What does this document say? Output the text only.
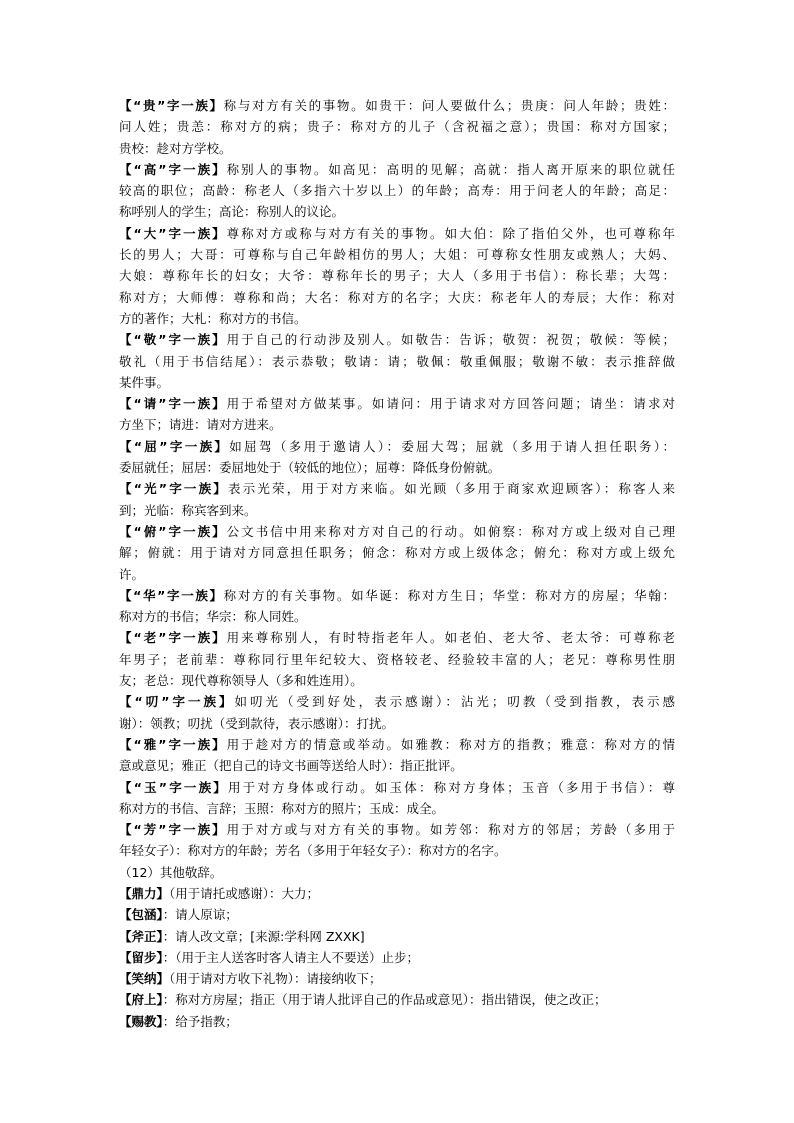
【“贵”字一族】称与对方有关的事物。如贵干：问人要做什么；贵庚：问人年龄；贵姓：
问人姓；贵恙：称对方的病；贵子：称对方的儿子（含祝福之意）；贵国：称对方国家；
贵校：趁对方学校。
【“高”字一族】称别人的事物。如高见：高明的见解；高就：指人离开原来的职位就任
较高的职位；高龄：称老人（多指六十岁以上）的年龄；高寿：用于问老人的年龄；高足：
称呼别人的学生；高论：称别人的议论。
【“大”字一族】尊称对方或称与对方有关的事物。如大伯：除了指伯父外，也可尊称年
长的男人；大哥：可尊称与自己年龄相仿的男人；大姐：可尊称女性朋友或熟人；大妈、
大娘：尊称年长的妇女；大爷：尊称年长的男子；大人（多用于书信）：称长辈；大驾：
称对方；大师傅：尊称和尚；大名：称对方的名字；大庆：称老年人的寿辰；大作：称对
方的著作；大札：称对方的书信。
【“敬”字一族】用于自己的行动涉及别人。如敬告：告诉；敬贺：祝贺；敬候：等候；
敬礼（用于书信结尾）：表示恭敬；敬请：请；敬佩：敬重佩服；敬谢不敏：表示推辞做
某件事。
【“请”字一族】用于希望对方做某事。如请问：用于请求对方回答问题；请坐：请求对
方坐下；请进：请对方进来。
【“屈”字一族】如屈驾（多用于邀请人）：委屈大驾；屈就（多用于请人担任职务）：
委屈就任；屈居：委屈地处于（较低的地位）；屈尊：降低身份俯就。
【“光”字一族】表示光荣，用于对方来临。如光顾（多用于商家欢迎顾客）：称客人来
到；光临：称宾客到来。
【“俯”字一族】公文书信中用来称对方对自己的行动。如俯察：称对方或上级对自己理
解；俯就：用于请对方同意担任职务；俯念：称对方或上级体念；俯允：称对方或上级允
许。
【“华”字一族】称对方的有关事物。如华诞：称对方生日；华堂：称对方的房屋；华翰：
称对方的书信；华宗：称人同姓。
【“老”字一族】用来尊称别人，有时特指老年人。如老伯、老大爷、老太爷：可尊称老
年男子；老前辈：尊称同行里年纪较大、资格较老、经验较丰富的人；老兄：尊称男性朋
友；老总：现代尊称领导人（多和姓连用）。
【“叨”字一族】如叨光（受到好处，表示感谢）：沾光；叨教（受到指教，表示感
谢）：领教；叨扰（受到款待，表示感谢）：打扰。
【“雅”字一族】用于趁对方的情意或举动。如雅教：称对方的指教；雅意：称对方的情
意或意见；雅正（把自己的诗文书画等送给人时）：指正批评。
【“玉”字一族】用于对方身体或行动。如玉体：称对方身体；玉音（多用于书信）：尊
称对方的书信、言辞；玉照：称对方的照片；玉成：成全。
【“芳”字一族】用于对方或与对方有关的事物。如芳邻：称对方的邻居；芳龄（多用于
年轻女子）：称对方的年龄；芳名（多用于年轻女子）：称对方的名字。
（12）其他敬辞。
【鼎力】（用于请托或感谢）：大力；
【包涵】：请人原谅；
【斧正】：请人改文章；[来源:学科网 ZXXK]
【留步】：（用于主人送客时客人请主人不要送）止步；
【笑纳】（用于请对方收下礼物）：请接纳收下；
【府上】：称对方房屋；指正（用于请人批评自己的作品或意见）：指出错误，使之改正；
【赐教】：给予指教；
